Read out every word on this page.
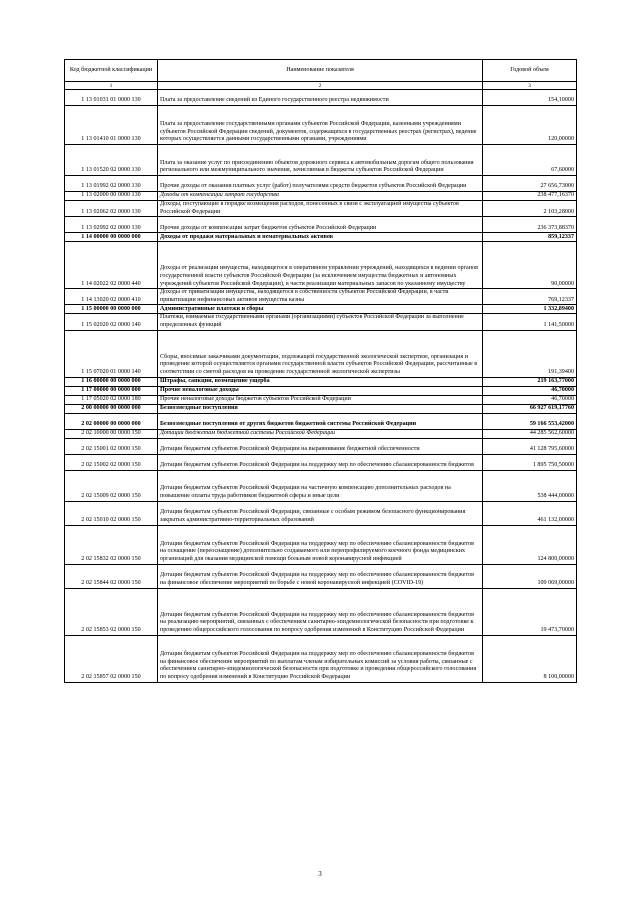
Код бюджетной классификации	Наименование показателя	Годовой объем
1	2	3
1 13 01031 01 0000 130	Плата за предоставление сведений из Единого государственного реестра недвижимости	154,10000
1 13 01410 01 0000 130	Плата за предоставление государственными органами субъектов Российской Федерации, казенными учреждениями субъектов Российской Федерации сведений, документов, содержащихся в государственных реестрах (регистрах), ведение которых осуществляется данными государственными органами, учреждениями	120,00000
1 13 01520 02 0000 130	Плата за оказание услуг по присоединению объектов дорожного сервиса к автомобильным дорогам общего пользования регионального или межмуниципального значения, зачисляемая в бюджеты субъектов Российской Федерации	67,60000
1 13 01992 02 0000 130	Прочие доходы от оказания платных услуг (работ) получателями средств бюджетов субъектов Российской Федерации	27 656,73000
1 13 02000 00 0000 130	Доходы от компенсации затрат государства	238 477,16370
1 13 02062 02 0000 130	Доходы, поступающие в порядке возмещения расходов, понесенных в связи с эксплуатацией имущества субъектов Российской Федерации	2 103,28000
1 13 02992 02 0000 130	Прочие доходы от компенсации затрат бюджетов субъектов Российской Федерации	236 373,88370
1 14 00000 00 0000 000	Доходы от продажи материальных и нематериальных активов	859,12337
1 14 02022 02 0000 440	Доходы от реализации имущества, находящегося в оперативном управлении учреждений, находящихся в ведении органов государственной власти субъектов Российской Федерации (за исключением имущества бюджетных и автономных учреждений субъектов Российской Федерации), в части реализации материальных запасов по указанному имуществу	90,00000
1 14 13020 02 0000 410	Доходы от приватизации имущества, находящегося в собственности субъектов Российской Федерации, в части приватизации нефинансовых активов имущества казны	769,12337
1 15 00000 00 0000 000	Административные платежи и сборы	1 332,89400
1 15 02020 02 0000 140	Платежи, взимаемые государственными органами (организациями) субъектов Российской Федерации за выполнение определенных функций	1 141,50000
1 15 07020 01 0000 140	Сборы, вносимые заказчиками документации, подлежащей государственной экологической экспертизе, организация и проведение которой осуществляется органами государственной власти субъектов Российской Федерации, рассчитанные в соответствии со сметой расходов на проведение государственной экологической экспертизы	191,39400
1 16 00000 00 0000 000	Штрафы, санкции, возмещение ущерба	219 163,77000
1 17 00000 00 0000 000	Прочие неналоговые доходы	46,70000
1 17 05020 02 0000 180	Прочие неналоговые доходы бюджетов субъектов Российской Федерации	46,70000
2 00 00000 00 0000 000	Безвозмездные поступления	66 927 619,17760
2 02 00000 00 0000 000	Безвозмездные поступления от других бюджетов бюджетной системы Российской Федерации	59 166 553,42000
2 02 10000 00 0000 150	Дотации бюджетам бюджетной системы Российской Федерации	44 285 562,60000
2 02 15001 02 0000 150	Дотации бюджетам субъектов Российской Федерации на выравнивание бюджетной обеспеченности	41 128 795,60000
2 02 15002 02 0000 150	Дотации бюджетам субъектов Российской Федерации на поддержку мер по обеспечению сбалансированности бюджетов	1 895 750,50000
2 02 15009 02 0000 150	Дотации бюджетам субъектов Российской Федерации на частичную компенсацию дополнительных расходов на повышение оплаты труда работников бюджетной сферы и иные цели	538 444,00000
2 02 15010 02 0000 150	Дотации бюджетам субъектов Российской Федерации, связанные с особым режимом безопасного функционирования закрытых административно-территориальных образований	461 132,00000
2 02 15832 02 0000 150	Дотации бюджетам субъектов Российской Федерации на поддержку мер по обеспечению сбалансированности бюджетов на оснащение (переоснащение) дополнительно создаваемого или перепрофилируемого коечного фонда медицинских организаций для оказания медицинской помощи больным новой коронавирусной инфекцией	124 800,00000
2 02 15844 02 0000 150	Дотации бюджетам субъектов Российской Федерации на поддержку мер по обеспечению сбалансированности бюджетов на финансовое обеспечение мероприятий по борьбе с новой коронавирусной инфекцией (COVID-19)	109 069,00000
2 02 15853 02 0000 150	Дотации бюджетам субъектов Российской Федерации на поддержку мер по обеспечению сбалансированности бюджетов на реализацию мероприятий, связанных с обеспечением санитарно-эпидемиологической безопасности при подготовке к проведению общероссийского голосования по вопросу одобрения изменений в Конституцию Российской Федерации	19 473,70000
2 02 15857 02 0000 150	Дотации бюджетам субъектов Российской Федерации на поддержку мер по обеспечению сбалансированности бюджетов на финансовое обеспечение мероприятий по выплатам членам избирательных комиссий за условия работы, связанные с обеспечением санитарно-эпидемиологической безопасности при подготовке и проведении общероссийского голосования по вопросу одобрения изменений в Конституцию Российской Федерации	8 100,00000
3
